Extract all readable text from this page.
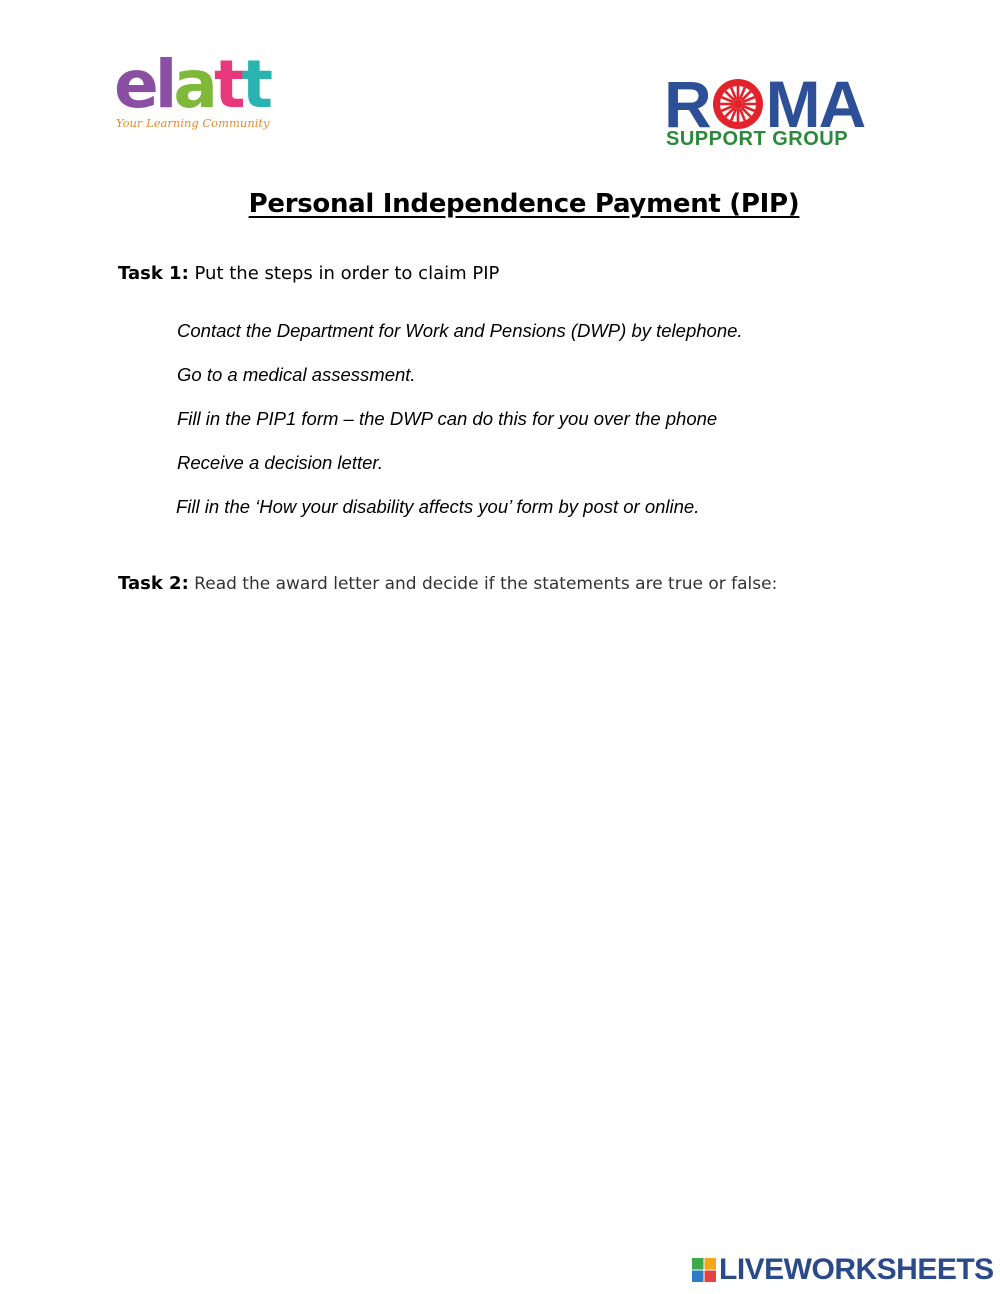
elatt
Your Learning Community	R MA
SUPPORT GROUP
Personal Independence Payment (PIP)
Task 1: Put the steps in order to claim PIP
Contact the Department for Work and Pensions (DWP) by telephone.
Go to a medical assessment.
Fill in the PIP1 form – the DWP can do this for you over the phone
Receive a decision letter.
Fill in the ‘How your disability affects you’ form by post or online.
Task 2: Read the award letter and decide if the statements are true or false:
LIVEWORKSHEETS
